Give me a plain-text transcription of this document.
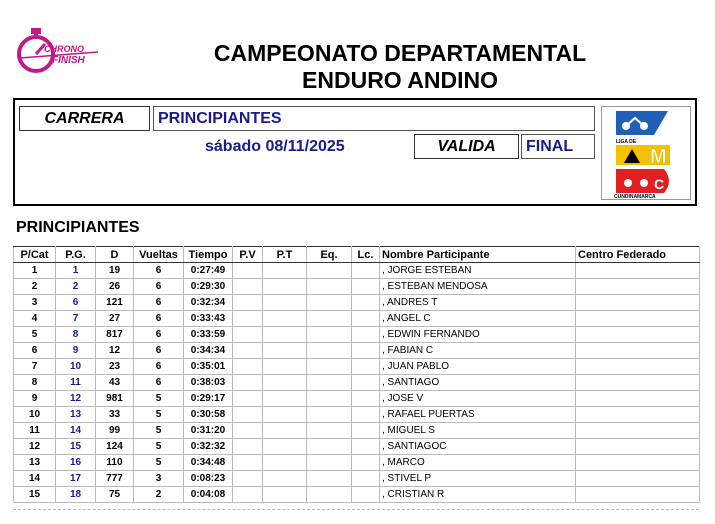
CHRONO
FINISH	CAMPEONATO DEPARTAMENTAL
ENDURO ANDINO
CARRERA	PRINCIPIANTES
sábado 08/11/2025	VALIDA	FINAL	LIGA DE
M
C
CUNDINAMARCA
PRINCIPIANTES
P/Cat	P.G.	D	Vueltas	Tiempo	P.V	P.T	Eq.	Lc.	Nombre Participante	Centro Federado
1	1	19	6	0:27:49					, JORGE ESTEBAN	
2	2	26	6	0:29:30					, ESTEBAN MENDOSA	
3	6	121	6	0:32:34					, ANDRES T	
4	7	27	6	0:33:43					, ANGEL C	
5	8	817	6	0:33:59					, EDWIN FERNANDO	
6	9	12	6	0:34:34					, FABIAN C	
7	10	23	6	0:35:01					, JUAN PABLO	
8	11	43	6	0:38:03					, SANTIAGO	
9	12	981	5	0:29:17					, JOSE V	
10	13	33	5	0:30:58					, RAFAEL PUERTAS	
11	14	99	5	0:31:20					, MIGUEL S	
12	15	124	5	0:32:32					, SANTIAGOC	
13	16	110	5	0:34:48					, MARCO	
14	17	777	3	0:08:23					, STIVEL P	
15	18	75	2	0:04:08					, CRISTIAN R	
